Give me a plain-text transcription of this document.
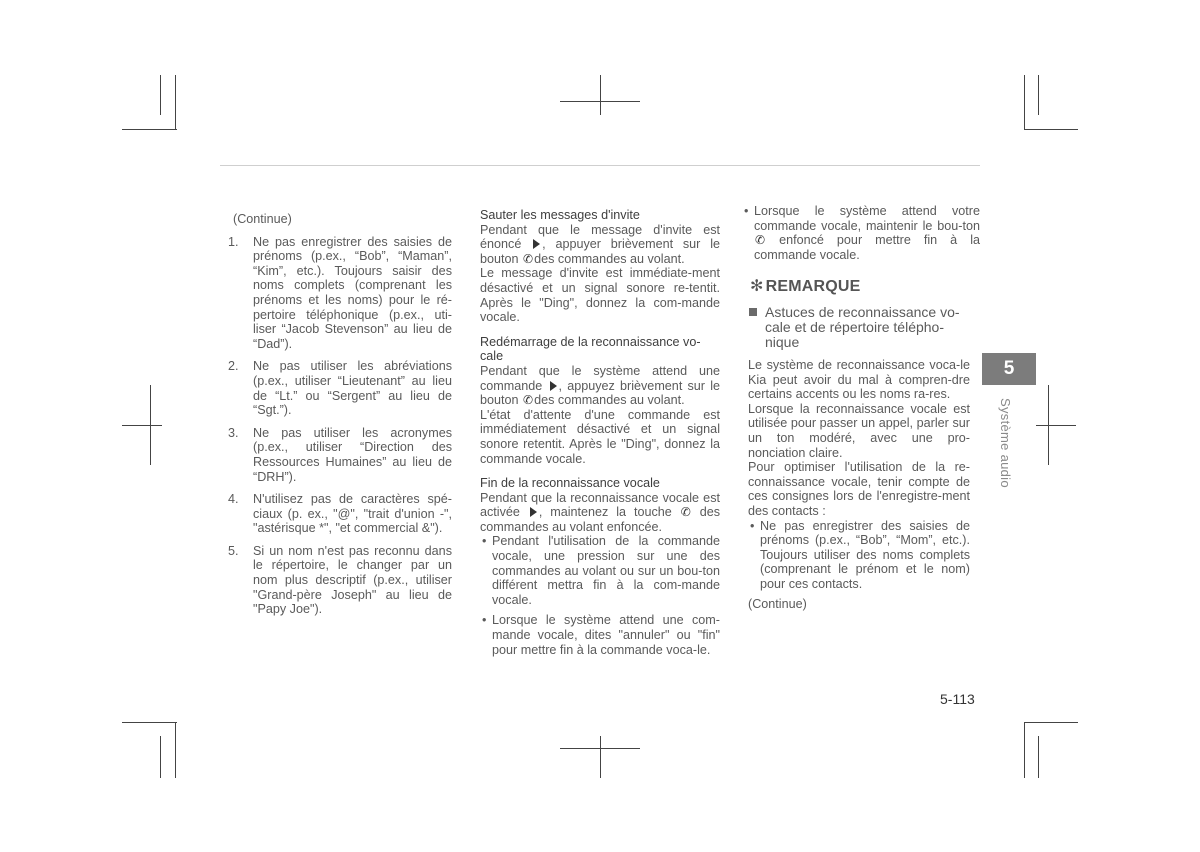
(Continue)
1. Ne pas enregistrer des saisies de prénoms (p.ex., “Bob”, “Maman”, “Kim”, etc.). Toujours saisir des noms complets (comprenant les prénoms et les noms) pour le ré-pertoire téléphonique (p.ex., uti-liser “Jacob Stevenson” au lieu de “Dad”).
2. Ne pas utiliser les abréviations (p.ex., utiliser “Lieutenant” au lieu de “Lt.” ou “Sergent” au lieu de “Sgt.”).
3. Ne pas utiliser les acronymes (p.ex., utiliser “Direction des Ressources Humaines” au lieu de “DRH”).
4. N'utilisez pas de caractères spé-ciaux (p. ex., "@", "trait d'union -", "astérisque *", "et commercial &").
5. Si un nom n'est pas reconnu dans le répertoire, le changer par un nom plus descriptif (p.ex., utiliser "Grand-père Joseph" au lieu de "Papy Joe").
Sauter les messages d'invite

Pendant que le message d'invite est énoncé , appuyer brièvement sur le bouton ✆des commandes au volant.

Le message d'invite est immédiate-ment désactivé et un signal sonore re-tentit. Après le "Ding", donnez la com-mande vocale.

Redémarrage de la reconnaissance vo-cale

Pendant que le système attend une commande , appuyez brièvement sur le bouton ✆des commandes au volant.

L'état d'attente d'une commande est immédiatement désactivé et un signal sonore retentit. Après le "Ding", donnez la commande vocale.

Fin de la reconnaissance vocale

Pendant que la reconnaissance vocale est activée , maintenez la touche ✆ des commandes au volant enfoncée.

• Pendant l'utilisation de la commande vocale, une pression sur une des commandes au volant ou sur un bou-ton différent mettra fin à la com-mande vocale.
• Lorsque le système attend une com-mande vocale, dites "annuler" ou "fin" pour mettre fin à la commande voca-le.
• Lorsque le système attend votre commande vocale, maintenir le bou-ton ✆ enfoncé pour mettre fin à la commande vocale.
✻ REMARQUE
Astuces de reconnaissance vo-cale et de répertoire télépho-nique

Le système de reconnaissance voca-le Kia peut avoir du mal à compren-dre certains accents ou les noms ra-res.

Lorsque la reconnaissance vocale est utilisée pour passer un appel, parler sur un ton modéré, avec une pro-nonciation claire.

Pour optimiser l'utilisation de la re-connaissance vocale, tenir compte de ces consignes lors de l'enregistre-ment des contacts :

• Ne pas enregistrer des saisies de prénoms (p.ex., “Bob”, “Mom”, etc.). Toujours utiliser des noms complets (comprenant le prénom et le nom) pour ces contacts.
(Continue)
5
Système audio
5-113
